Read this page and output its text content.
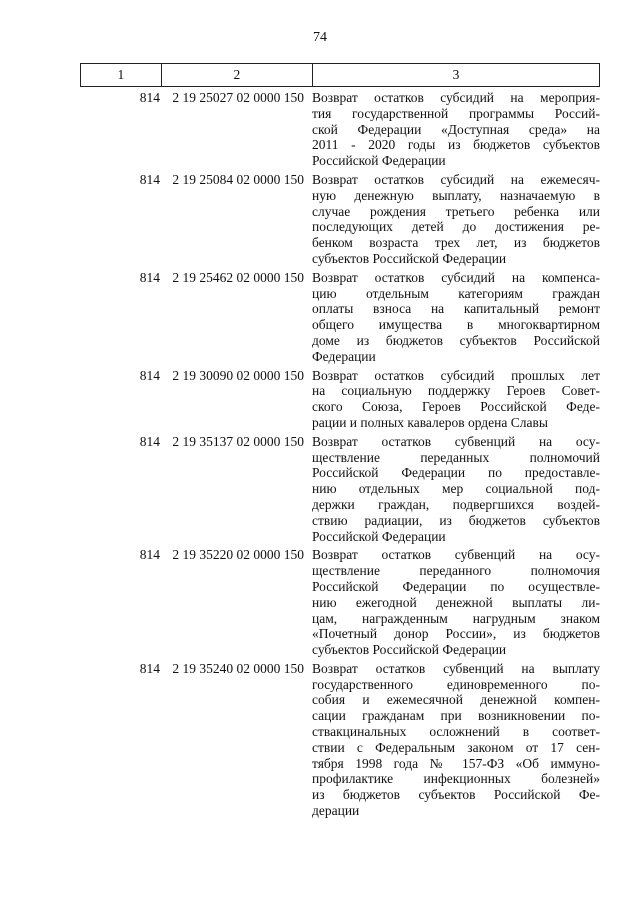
74
1	2	3
814 2 19 25027 02 0000 150 Возврат остатков субсидий на мероприя-
тия государственной программы Россий-
ской Федерации «Доступная среда» на
2011 - 2020 годы из бюджетов субъектов
Российской Федерации
814 2 19 25084 02 0000 150 Возврат остатков субсидий на ежемесяч-
ную денежную выплату, назначаемую в
случае рождения третьего ребенка или
последующих детей до достижения ре-
бенком возраста трех лет, из бюджетов
субъектов Российской Федерации
814 2 19 25462 02 0000 150 Возврат остатков субсидий на компенса-
цию отдельным категориям граждан
оплаты взноса на капитальный ремонт
общего имущества в многоквартирном
доме из бюджетов субъектов Российской
Федерации
814 2 19 30090 02 0000 150 Возврат остатков субсидий прошлых лет
на социальную поддержку Героев Совет-
ского Союза, Героев Российской Феде-
рации и полных кавалеров ордена Славы
814 2 19 35137 02 0000 150 Возврат остатков субвенций на осу-
ществление переданных полномочий
Российской Федерации по предоставле-
нию отдельных мер социальной под-
держки граждан, подвергшихся воздей-
ствию радиации, из бюджетов субъектов
Российской Федерации
814 2 19 35220 02 0000 150 Возврат остатков субвенций на осу-
ществление переданного полномочия
Российской Федерации по осуществле-
нию ежегодной денежной выплаты ли-
цам, награжденным нагрудным знаком
«Почетный донор России», из бюджетов
субъектов Российской Федерации
814 2 19 35240 02 0000 150 Возврат остатков субвенций на выплату
государственного единовременного по-
собия и ежемесячной денежной компен-
сации гражданам при возникновении по-
ствакцинальных осложнений в соответ-
ствии с Федеральным законом от 17 сен-
тября 1998 года № 157-ФЗ «Об иммуно-
профилактике инфекционных болезней»
из бюджетов субъектов Российской Фе-
дерации
